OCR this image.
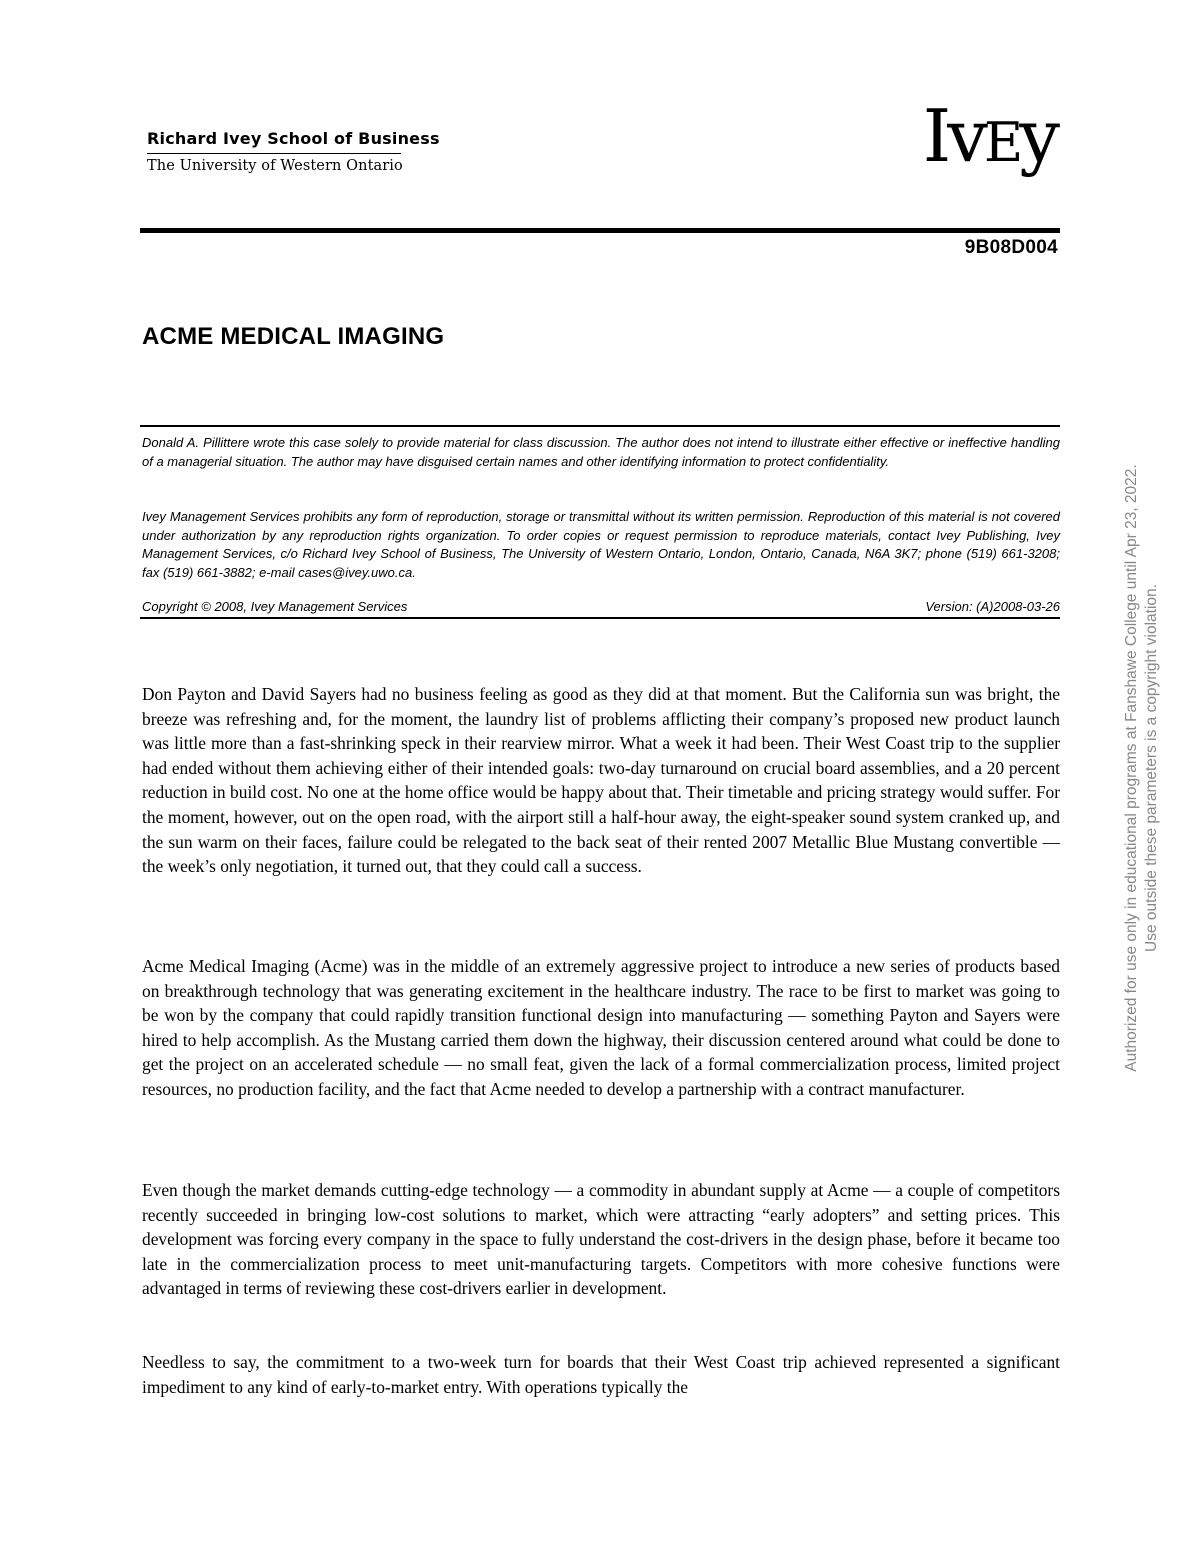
Richard Ivey School of Business
The University of Western Ontario	IvEy
9B08D004
ACME MEDICAL IMAGING

Donald A. Pillittere wrote this case solely to provide material for class discussion. The author does not intend to illustrate either effective or ineffective handling of a managerial situation. The author may have disguised certain names and other identifying information to protect confidentiality.

Ivey Management Services prohibits any form of reproduction, storage or transmittal without its written permission. Reproduction of this material is not covered under authorization by any reproduction rights organization. To order copies or request permission to reproduce materials, contact Ivey Publishing, Ivey Management Services, c/o Richard Ivey School of Business, The University of Western Ontario, London, Ontario, Canada, N6A 3K7; phone (519) 661-3208; fax (519) 661-3882; e-mail cases@ivey.uwo.ca.

Copyright © 2008, Ivey Management Services	Version: (A)2008-03-26

Don Payton and David Sayers had no business feeling as good as they did at that moment. But the California sun was bright, the breeze was refreshing and, for the moment, the laundry list of problems afflicting their company’s proposed new product launch was little more than a fast-shrinking speck in their rearview mirror. What a week it had been. Their West Coast trip to the supplier had ended without them achieving either of their intended goals: two-day turnaround on crucial board assemblies, and a 20 percent reduction in build cost. No one at the home office would be happy about that. Their timetable and pricing strategy would suffer. For the moment, however, out on the open road, with the airport still a half-hour away, the eight-speaker sound system cranked up, and the sun warm on their faces, failure could be relegated to the back seat of their rented 2007 Metallic Blue Mustang convertible — the week’s only negotiation, it turned out, that they could call a success.

Acme Medical Imaging (Acme) was in the middle of an extremely aggressive project to introduce a new series of products based on breakthrough technology that was generating excitement in the healthcare industry. The race to be first to market was going to be won by the company that could rapidly transition functional design into manufacturing — something Payton and Sayers were hired to help accomplish. As the Mustang carried them down the highway, their discussion centered around what could be done to get the project on an accelerated schedule — no small feat, given the lack of a formal commercialization process, limited project resources, no production facility, and the fact that Acme needed to develop a partnership with a contract manufacturer.

Even though the market demands cutting-edge technology — a commodity in abundant supply at Acme — a couple of competitors recently succeeded in bringing low-cost solutions to market, which were attracting “early adopters” and setting prices. This development was forcing every company in the space to fully understand the cost-drivers in the design phase, before it became too late in the commercialization process to meet unit-manufacturing targets. Competitors with more cohesive functions were advantaged in terms of reviewing these cost-drivers earlier in development.

Needless to say, the commitment to a two-week turn for boards that their West Coast trip achieved represented a significant impediment to any kind of early-to-market entry. With operations typically the

Authorized for use only in educational programs at Fanshawe College until Apr 23, 2022. Use outside these parameters is a copyright violation.
